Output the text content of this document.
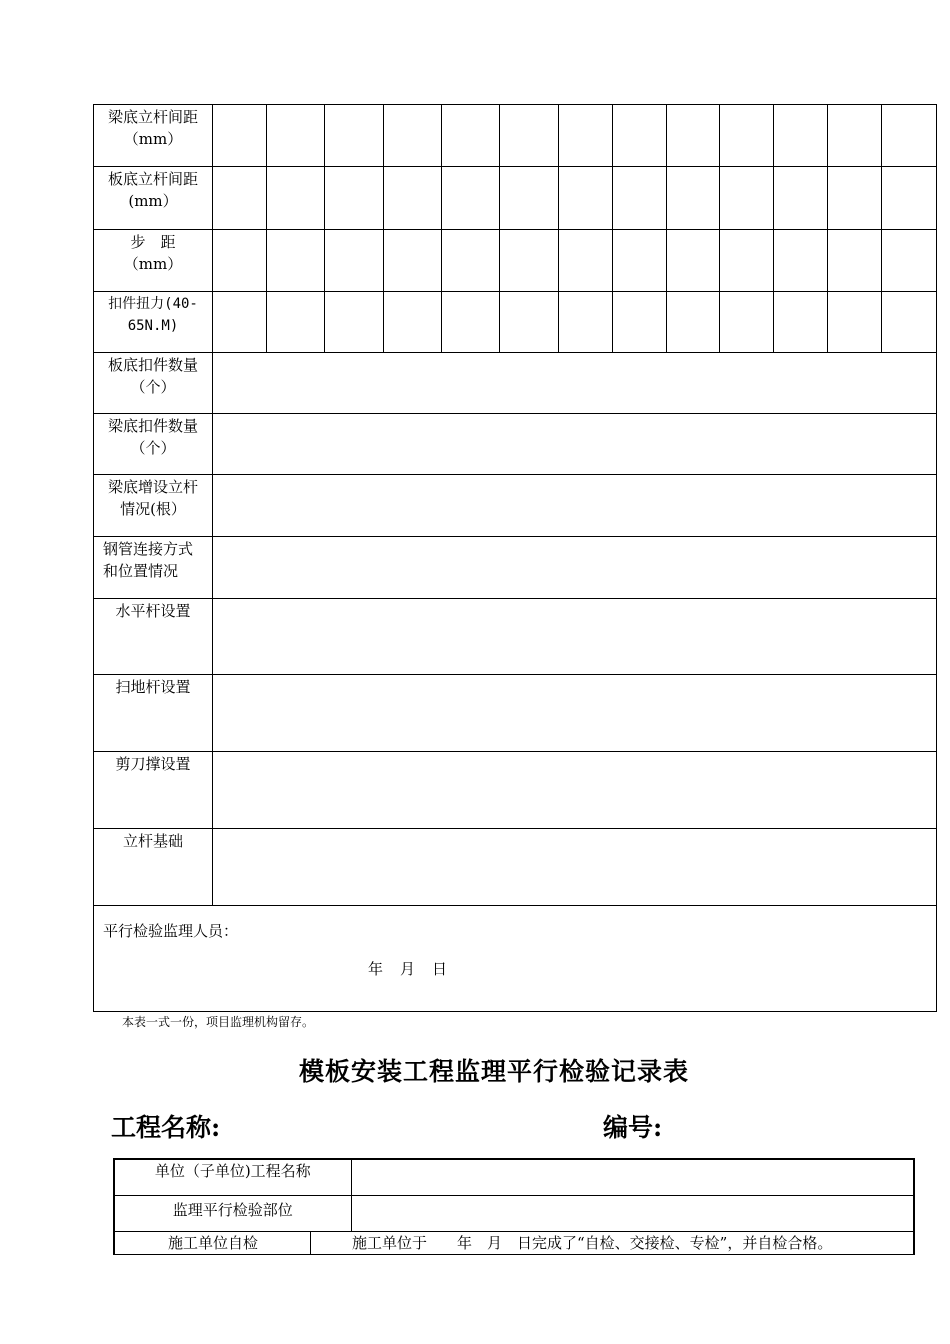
梁底立杆间距
（mm）													

板底立杆间距
(mm）													

步　距
（mm）													

扣件扭力(40-
65N.M)													

板底扣件数量
（个）													

梁底扣件数量
（个）													

梁底增设立杆
情况(根）													

钢管连接方式
和位置情况													

水平杆设置													
扫地杆设置													
剪刀撑设置													
立杆基础													

平行检验监理人员：
年　月　日													
本表一式一份，项目监理机构留存。
模板安装工程监理平行检验记录表
工程名称:	编号:
单位（子单位)工程名称	
监理平行检验部位	

施工单位自检 施工单位于　　年　月　日完成了“自检、交接检、专检”，并自检合格。	
